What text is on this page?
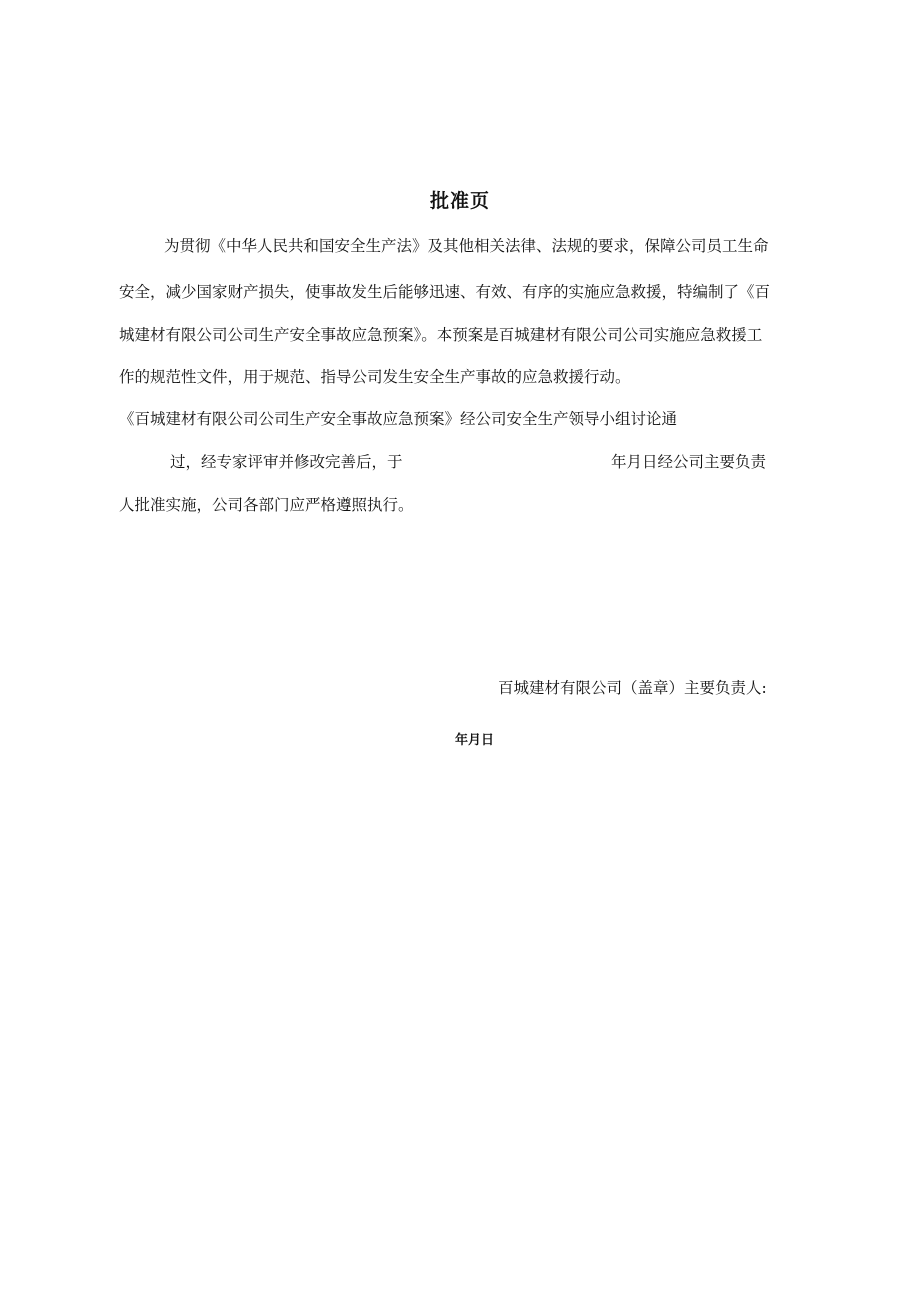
批准页
为贯彻《中华人民共和国安全生产法》及其他相关法律、法规的要求，保障公司员工生命
安全，减少国家财产损失，使事故发生后能够迅速、有效、有序的实施应急救援，特编制了《百
城建材有限公司公司生产安全事故应急预案》。本预案是百城建材有限公司公司实施应急救援工
作的规范性文件，用于规范、指导公司发生安全生产事故的应急救援行动。
《百城建材有限公司公司生产安全事故应急预案》经公司安全生产领导小组讨论通
过，经专家评审并修改完善后，于	年月日经公司主要负责
人批准实施，公司各部门应严格遵照执行。
百城建材有限公司（盖章）主要负责人:
年月日
